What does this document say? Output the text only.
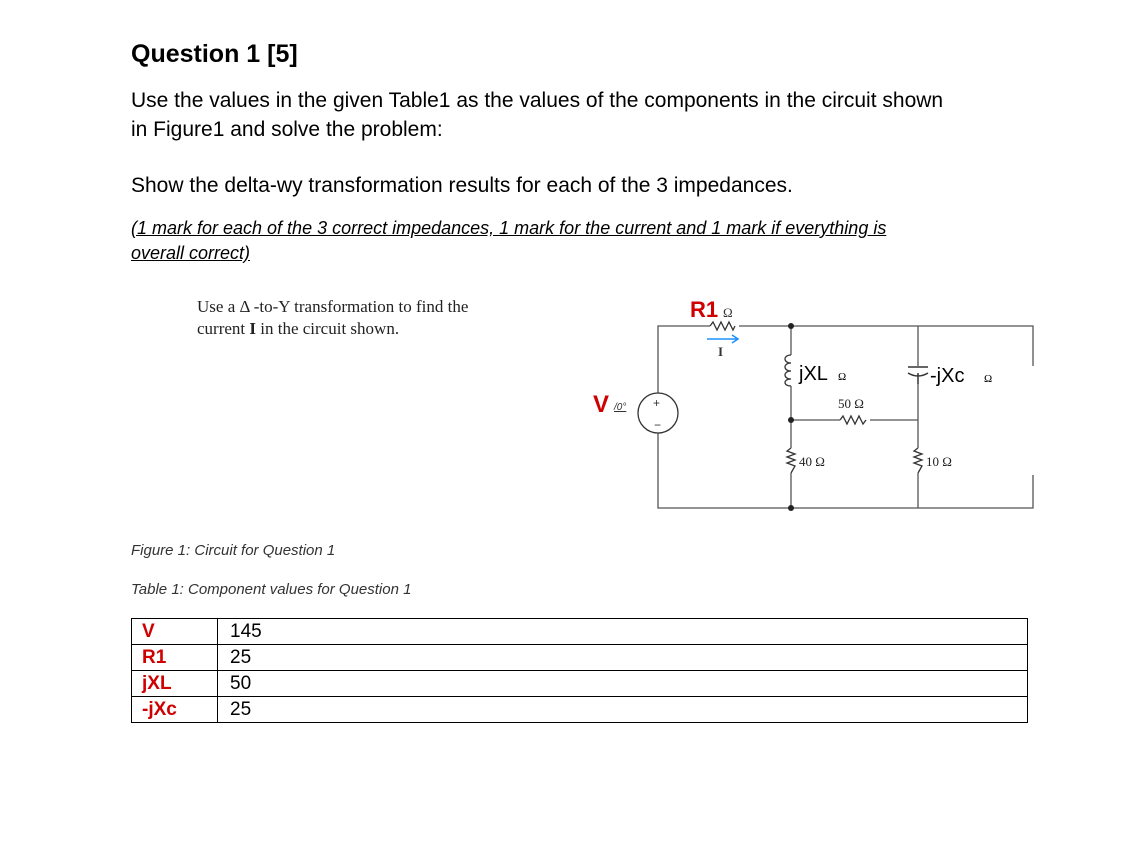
Question 1 [5]
Use the values in the given Table1 as the values of the components in the circuit shown
in Figure1 and solve the problem:
Show the delta-wy transformation results for each of the 3 impedances.
(1 mark for each of the 3 correct impedances, 1 mark for the current and 1 mark if everything is
overall correct)
Use a Δ -to-Y transformation to find the
current I in the circuit shown.
R1 Ω
I
jXL Ω	-jXc Ω
50 Ω
40 Ω	10 Ω
+
−
V /0°
Figure 1: Circuit for Question 1
Table 1: Component values for Question 1
V	145
R1	25
jXL	50
-jXc	25
